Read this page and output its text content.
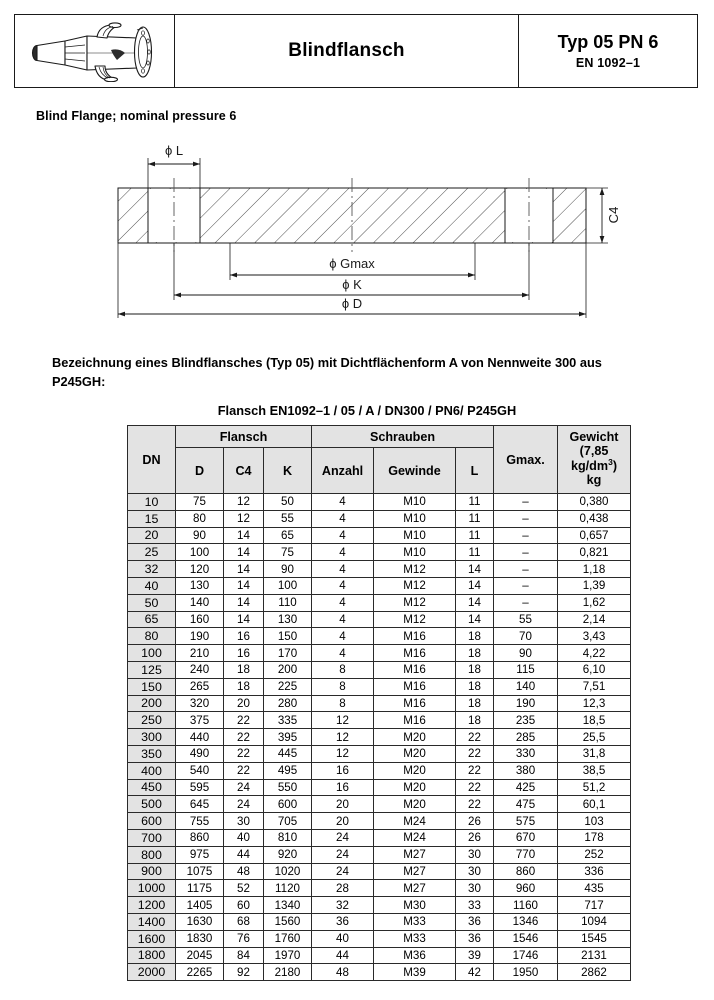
Blindflansch	Typ 05 PN 6
EN 1092–1
Blind Flange; nominal pressure 6
ϕ L
ϕ Gmax
ϕ K
ϕ D
C4
Bezeichnung eines Blindflansches (Typ 05) mit Dichtflächenform A von Nennweite 300 aus
P245GH:
Flansch EN1092–1 / 05 / A / DN300 / PN6/ P245GH
DN	Flansch			Schrauben			Gmax.	Gewicht
(7,85
$kg/dm^3$)
kg

	D	C4	K	Anzahl	Gewinde	L		
10	75	12	50	4	M10	11	–	0,380
15	80	12	55	4	M10	11	–	0,438
20	90	14	65	4	M10	11	–	0,657
25	100	14	75	4	M10	11	–	0,821
32	120	14	90	4	M12	14	–	1,18
40	130	14	100	4	M12	14	–	1,39
50	140	14	110	4	M12	14	–	1,62
65	160	14	130	4	M12	14	55	2,14
80	190	16	150	4	M16	18	70	3,43
100	210	16	170	4	M16	18	90	4,22
125	240	18	200	8	M16	18	115	6,10
150	265	18	225	8	M16	18	140	7,51
200	320	20	280	8	M16	18	190	12,3
250	375	22	335	12	M16	18	235	18,5
300	440	22	395	12	M20	22	285	25,5
350	490	22	445	12	M20	22	330	31,8
400	540	22	495	16	M20	22	380	38,5
450	595	24	550	16	M20	22	425	51,2
500	645	24	600	20	M20	22	475	60,1
600	755	30	705	20	M24	26	575	103
700	860	40	810	24	M24	26	670	178
800	975	44	920	24	M27	30	770	252
900	1075	48	1020	24	M27	30	860	336
1000	1175	52	1120	28	M27	30	960	435
1200	1405	60	1340	32	M30	33	1160	717
1400	1630	68	1560	36	M33	36	1346	1094
1600	1830	76	1760	40	M33	36	1546	1545
1800	2045	84	1970	44	M36	39	1746	2131
2000	2265	92	2180	48	M39	42	1950	2862
